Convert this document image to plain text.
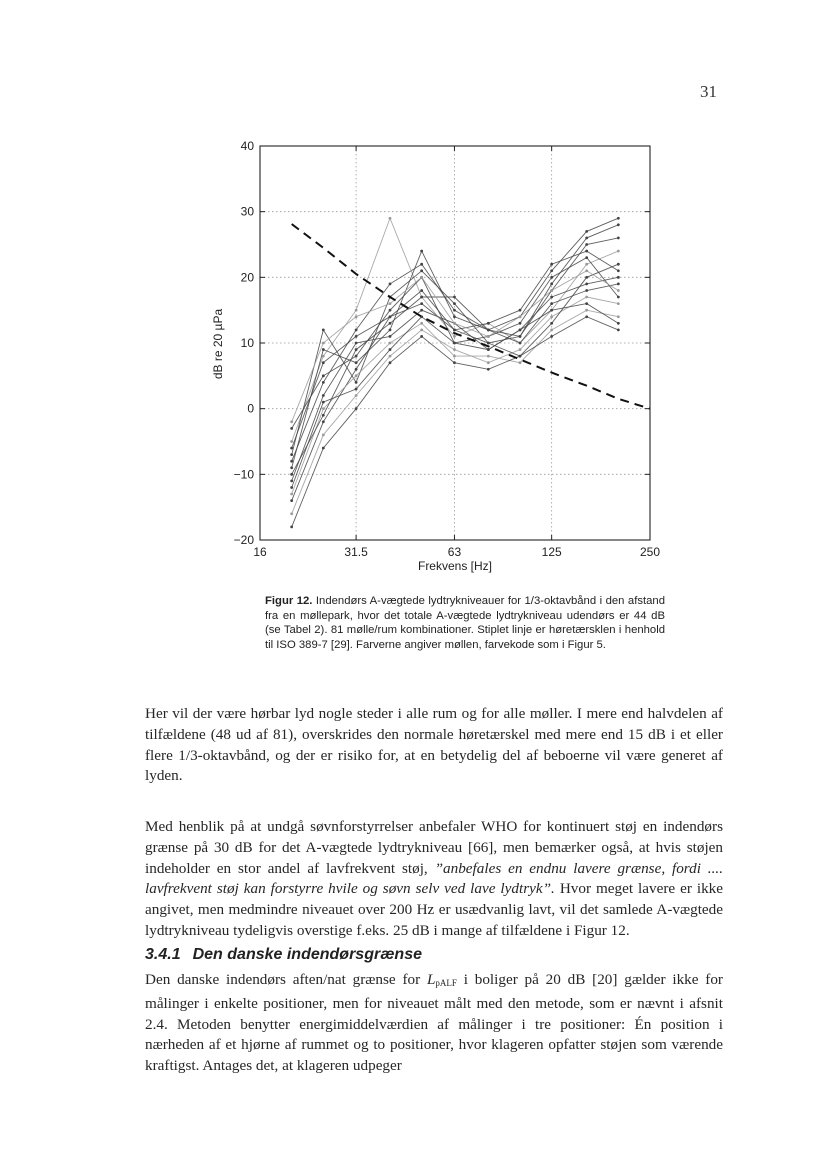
31
−20
−10
0
10
20
30
40
16	31.5	63	125	250
Frekvens [Hz]
dB re 20 µPa
Figur 12. Indendørs A-vægtede lydtrykniveauer for 1/3-oktavbånd i den afstand fra en møllepark, hvor det totale A-vægtede lydtrykniveau udendørs er 44 dB (se Tabel 2). 81 mølle/rum kombinationer. Stiplet linje er høretærsklen i henhold til ISO 389-7 [29]. Farverne angiver møllen, farvekode som i Figur 5.
Her vil der være hørbar lyd nogle steder i alle rum og for alle møller. I mere end halvdelen af tilfældene (48 ud af 81), overskrides den normale høretærskel med mere end 15 dB i et eller flere 1/3-oktavbånd, og der er risiko for, at en betydelig del af beboerne vil være generet af lyden.
Med henblik på at undgå søvnforstyrrelser anbefaler WHO for kontinuert støj en indendørs grænse på 30 dB for det A-vægtede lydtrykniveau [66], men bemærker også, at hvis støjen indeholder en stor andel af lavfrekvent støj, ”anbefales en endnu lavere grænse, fordi .... lavfrekvent støj kan forstyrre hvile og søvn selv ved lave lydtryk”. Hvor meget lavere er ikke angivet, men medmindre niveauet over 200 Hz er usædvanlig lavt, vil det samlede A-vægtede lydtrykniveau tydeligvis overstige f.eks. 25 dB i mange af tilfældene i Figur 12.
3.4.1 Den danske indendørsgrænse
Den danske indendørs aften/nat grænse for $L_{pALF}$ i boliger på 20 dB [20] gælder ikke for målinger i enkelte positioner, men for niveauet målt med den metode, som er nævnt i afsnit 2.4. Metoden benytter energimiddelværdien af målinger i tre positioner: Én position i nærheden af et hjørne af rummet og to positioner, hvor klageren opfatter støjen som værende kraftigst. Antages det, at klageren udpeger
